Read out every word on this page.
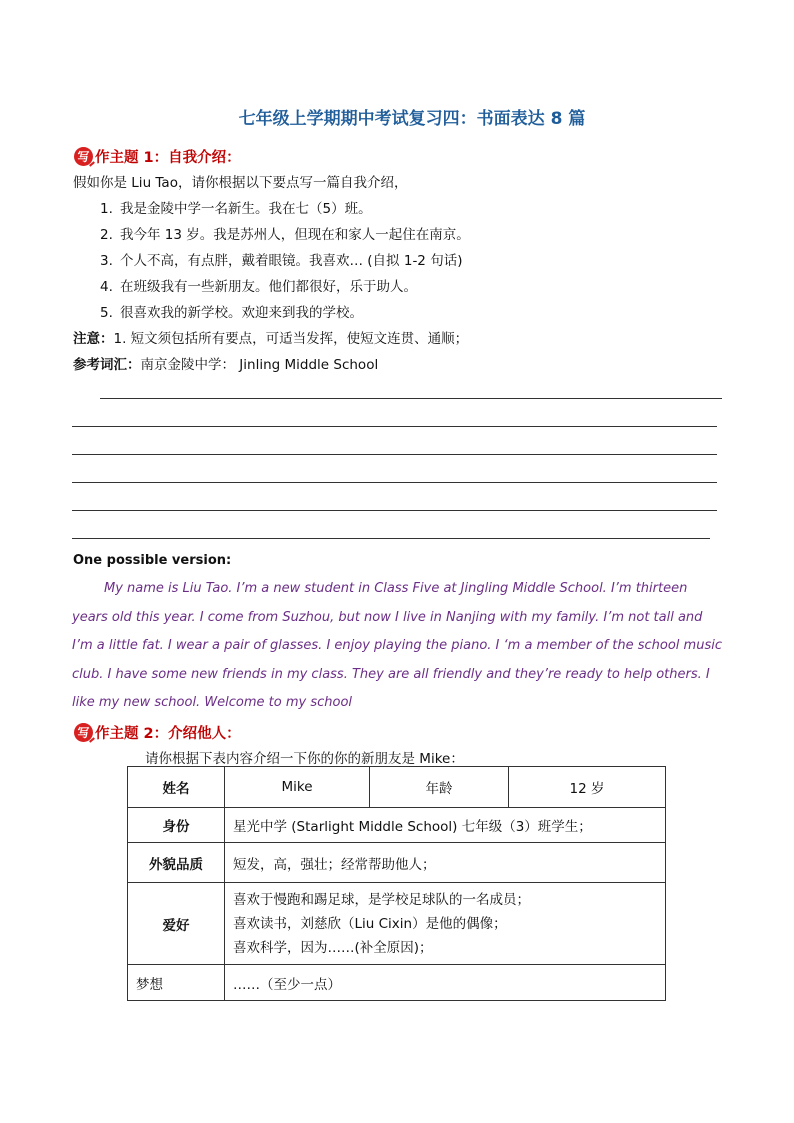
七年级上学期期中考试复习四：书面表达 8 篇
写 作主题 1：自我介绍：
假如你是 Liu Tao，请你根据以下要点写一篇自我介绍，
1. 我是金陵中学一名新生。我在七（5）班。
2. 我今年 13 岁。我是苏州人，但现在和家人一起住在南京。
3. 个人不高，有点胖，戴着眼镜。我喜欢… (自拟 1-2 句话)
4. 在班级我有一些新朋友。他们都很好，乐于助人。
5. 很喜欢我的新学校。欢迎来到我的学校。
注意：1. 短文须包括所有要点，可适当发挥，使短文连贯、通顺；
参考词汇：南京金陵中学： Jinling Middle School
One possible version:

My name is Liu Tao. I’m a new student in Class Five at Jingling Middle School. I’m thirteen years old this year. I come from Suzhou, but now I live in Nanjing with my family. I’m not tall and I’m a little fat. I wear a pair of glasses. I enjoy playing the piano. I ‘m a member of the school music club. I have some new friends in my class. They are all friendly and they’re ready to help others. I like my new school. Welcome to my school

写 作主题 2：介绍他人：
请你根据下表内容介绍一下你的你的新朋友是 Mike：
姓名	Mike	年龄	12 岁
身份	星光中学 (Starlight Middle School) 七年级（3）班学生；		
外貌品质	短发，高，强壮；经常帮助他人；		
爱好	喜欢于慢跑和踢足球，是学校足球队的一名成员；
喜欢读书，刘慈欣（Liu Cixin）是他的偶像；
喜欢科学，因为……(补全原因)；		

梦想	……（至少一点）		
